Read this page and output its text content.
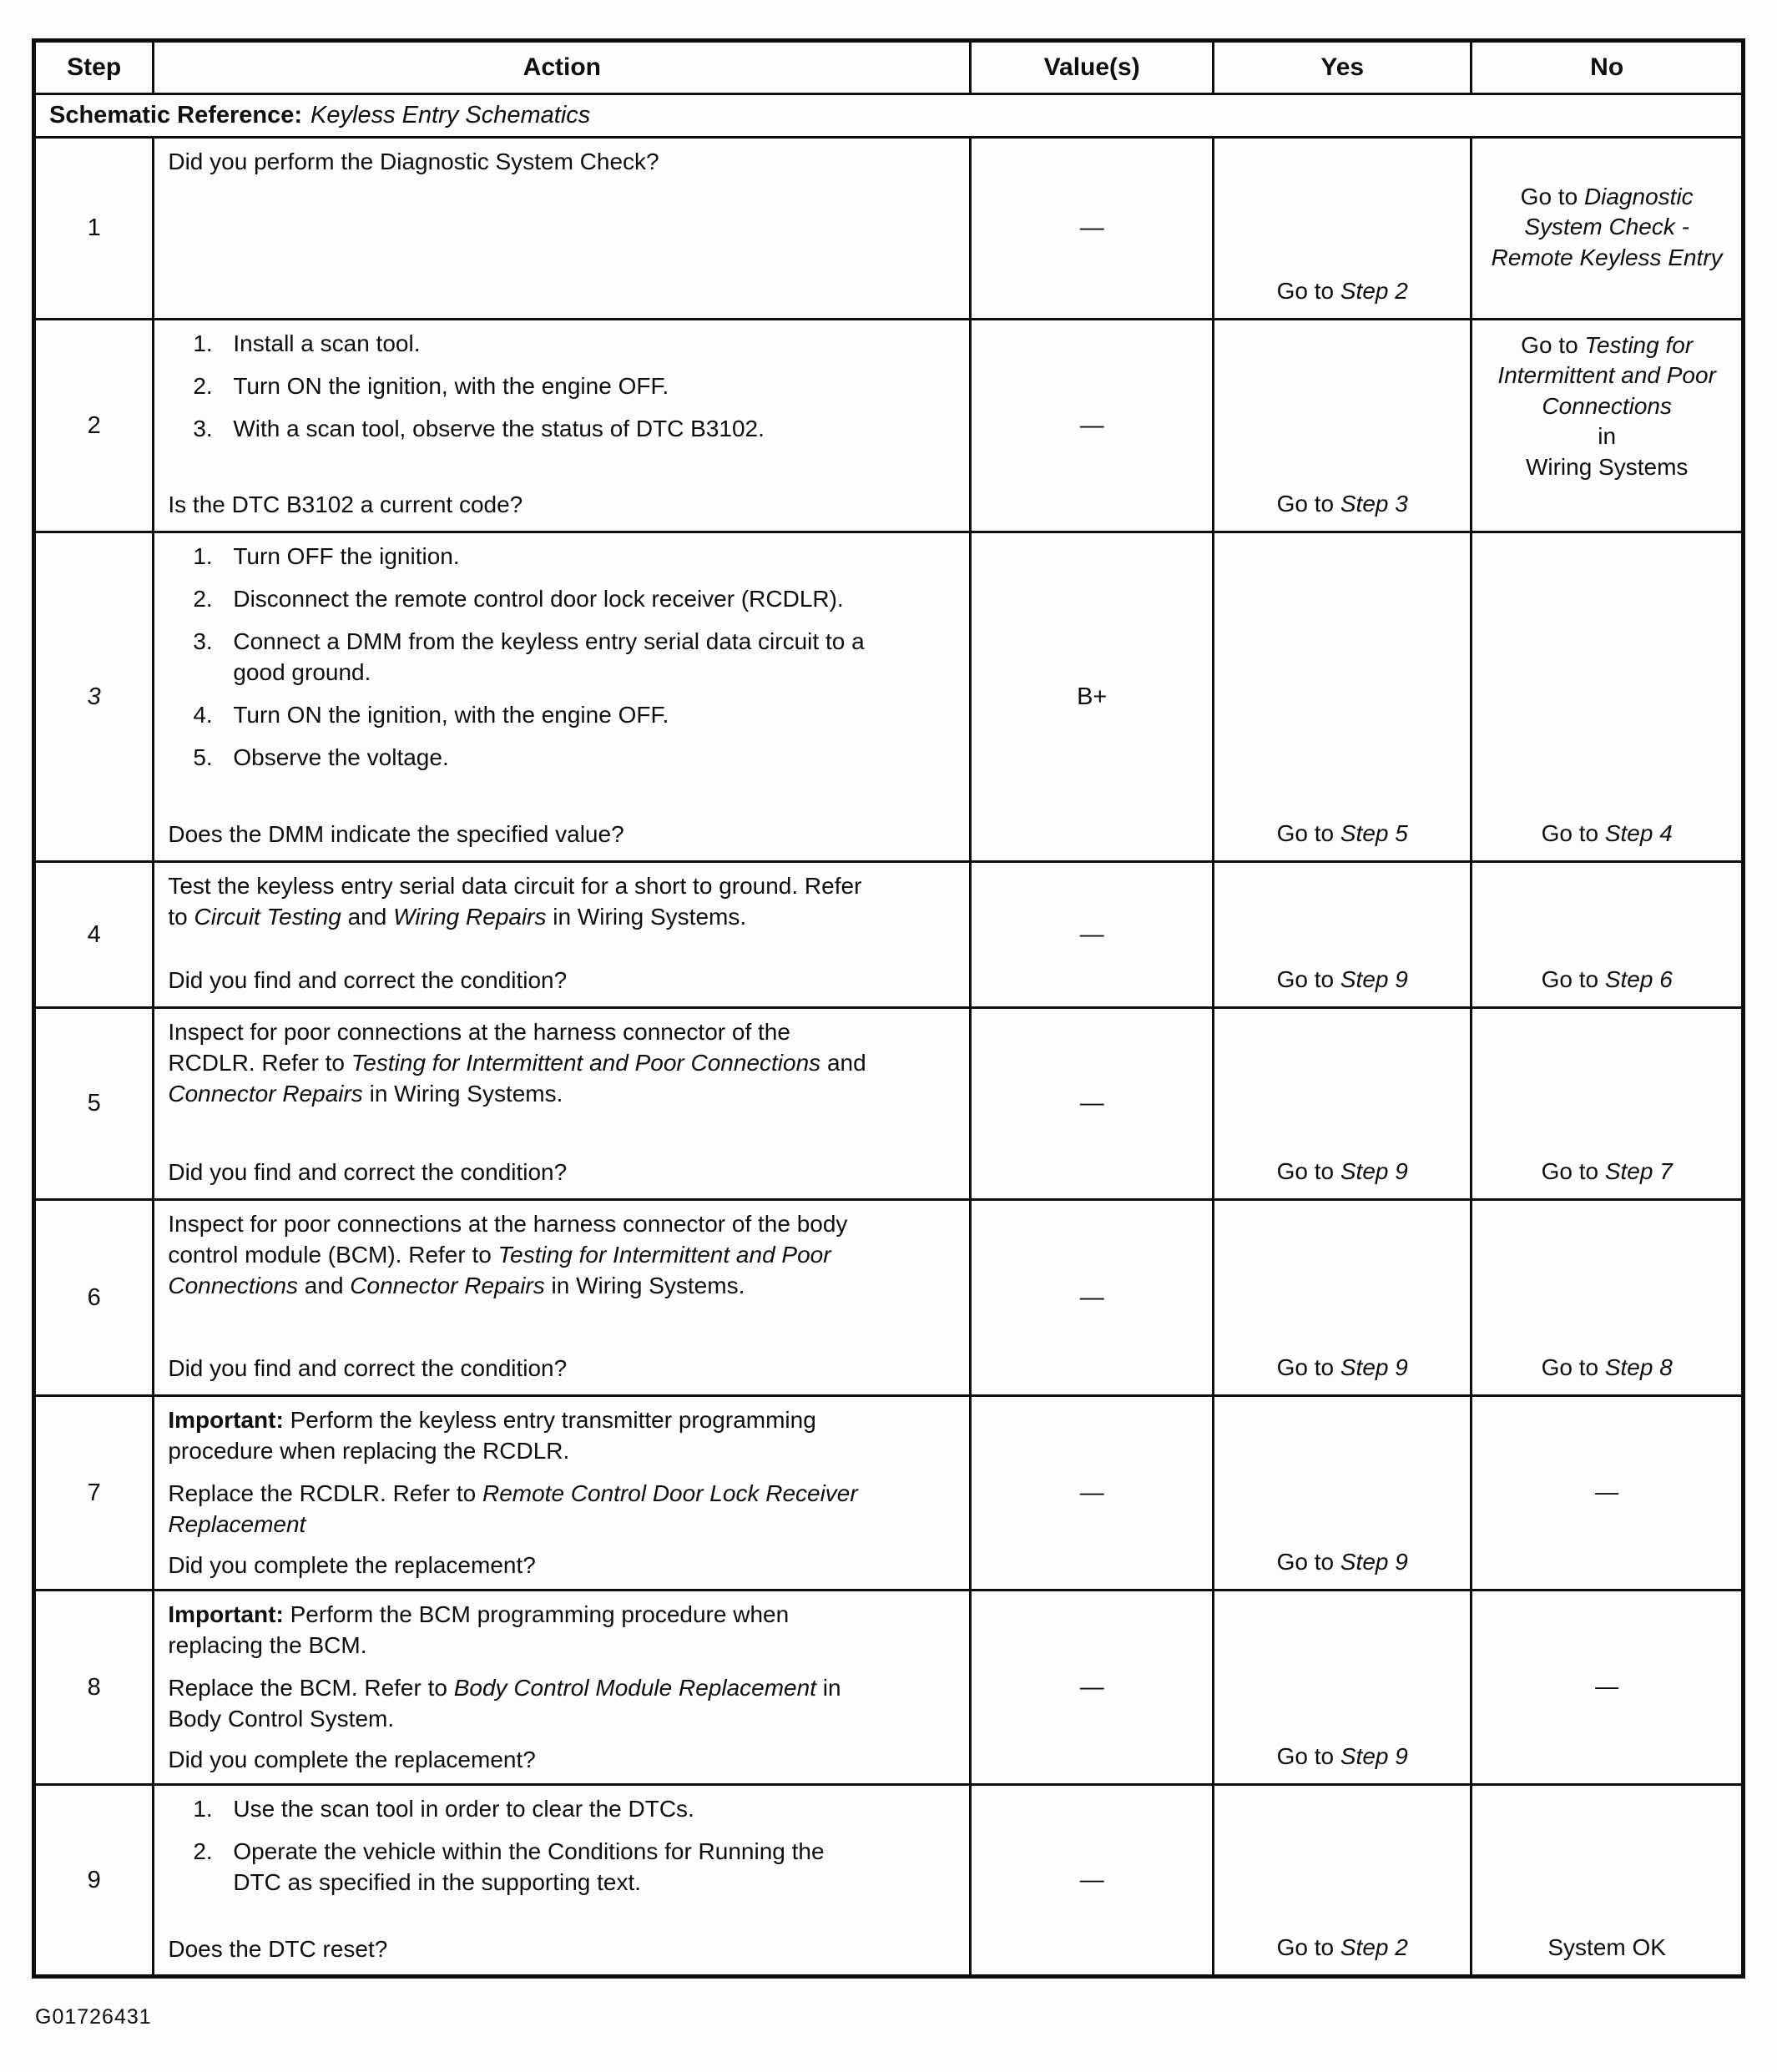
Step	Action	Value(s)	Yes	No
Schematic Reference: Keyless Entry Schematics				
1	Did you perform the Diagnostic System Check?	—	Go to Step 2	Go to Diagnostic System Check - Remote Keyless Entry
2	
1. Install a scan tool.
2. Turn ON the ignition, with the engine OFF.
3. With a scan tool, observe the status of DTC B3102.
Is the DTC B3102 a current code?
	—	Go to Step 3	Go to Testing for Intermittent and Poor Connections
in
Wiring Systems
3	
1. Turn OFF the ignition.
2. Disconnect the remote control door lock receiver (RCDLR).
3. Connect a DMM from the keyless entry serial data circuit to a good ground.
4. Turn ON the ignition, with the engine OFF.
5. Observe the voltage.
Does the DMM indicate the specified value?
	B+	Go to Step 5	Go to Step 4
4	Test the keyless entry serial data circuit for a short to ground. Refer to Circuit Testing and Wiring Repairs in Wiring Systems.
Did you find and correct the condition?	—	Go to Step 9	Go to Step 6
5	Inspect for poor connections at the harness connector of the RCDLR. Refer to Testing for Intermittent and Poor Connections and Connector Repairs in Wiring Systems.
Did you find and correct the condition?	—	Go to Step 9	Go to Step 7
6	Inspect for poor connections at the harness connector of the body control module (BCM). Refer to Testing for Intermittent and Poor Connections and Connector Repairs in Wiring Systems.
Did you find and correct the condition?	—	Go to Step 9	Go to Step 8
7	Important: Perform the keyless entry transmitter programming procedure when replacing the RCDLR.
Replace the RCDLR. Refer to Remote Control Door Lock Receiver Replacement
Did you complete the replacement?	—	Go to Step 9	—
8	Important: Perform the BCM programming procedure when replacing the BCM.
Replace the BCM. Refer to Body Control Module Replacement in Body Control System.
Did you complete the replacement?	—	Go to Step 9	—
9	1. Use the scan tool in order to clear the DTCs.
2. Operate the vehicle within the Conditions for Running the DTC as specified in the supporting text.
Does the DTC reset?	—	Go to Step 2	System OK
G01726431
